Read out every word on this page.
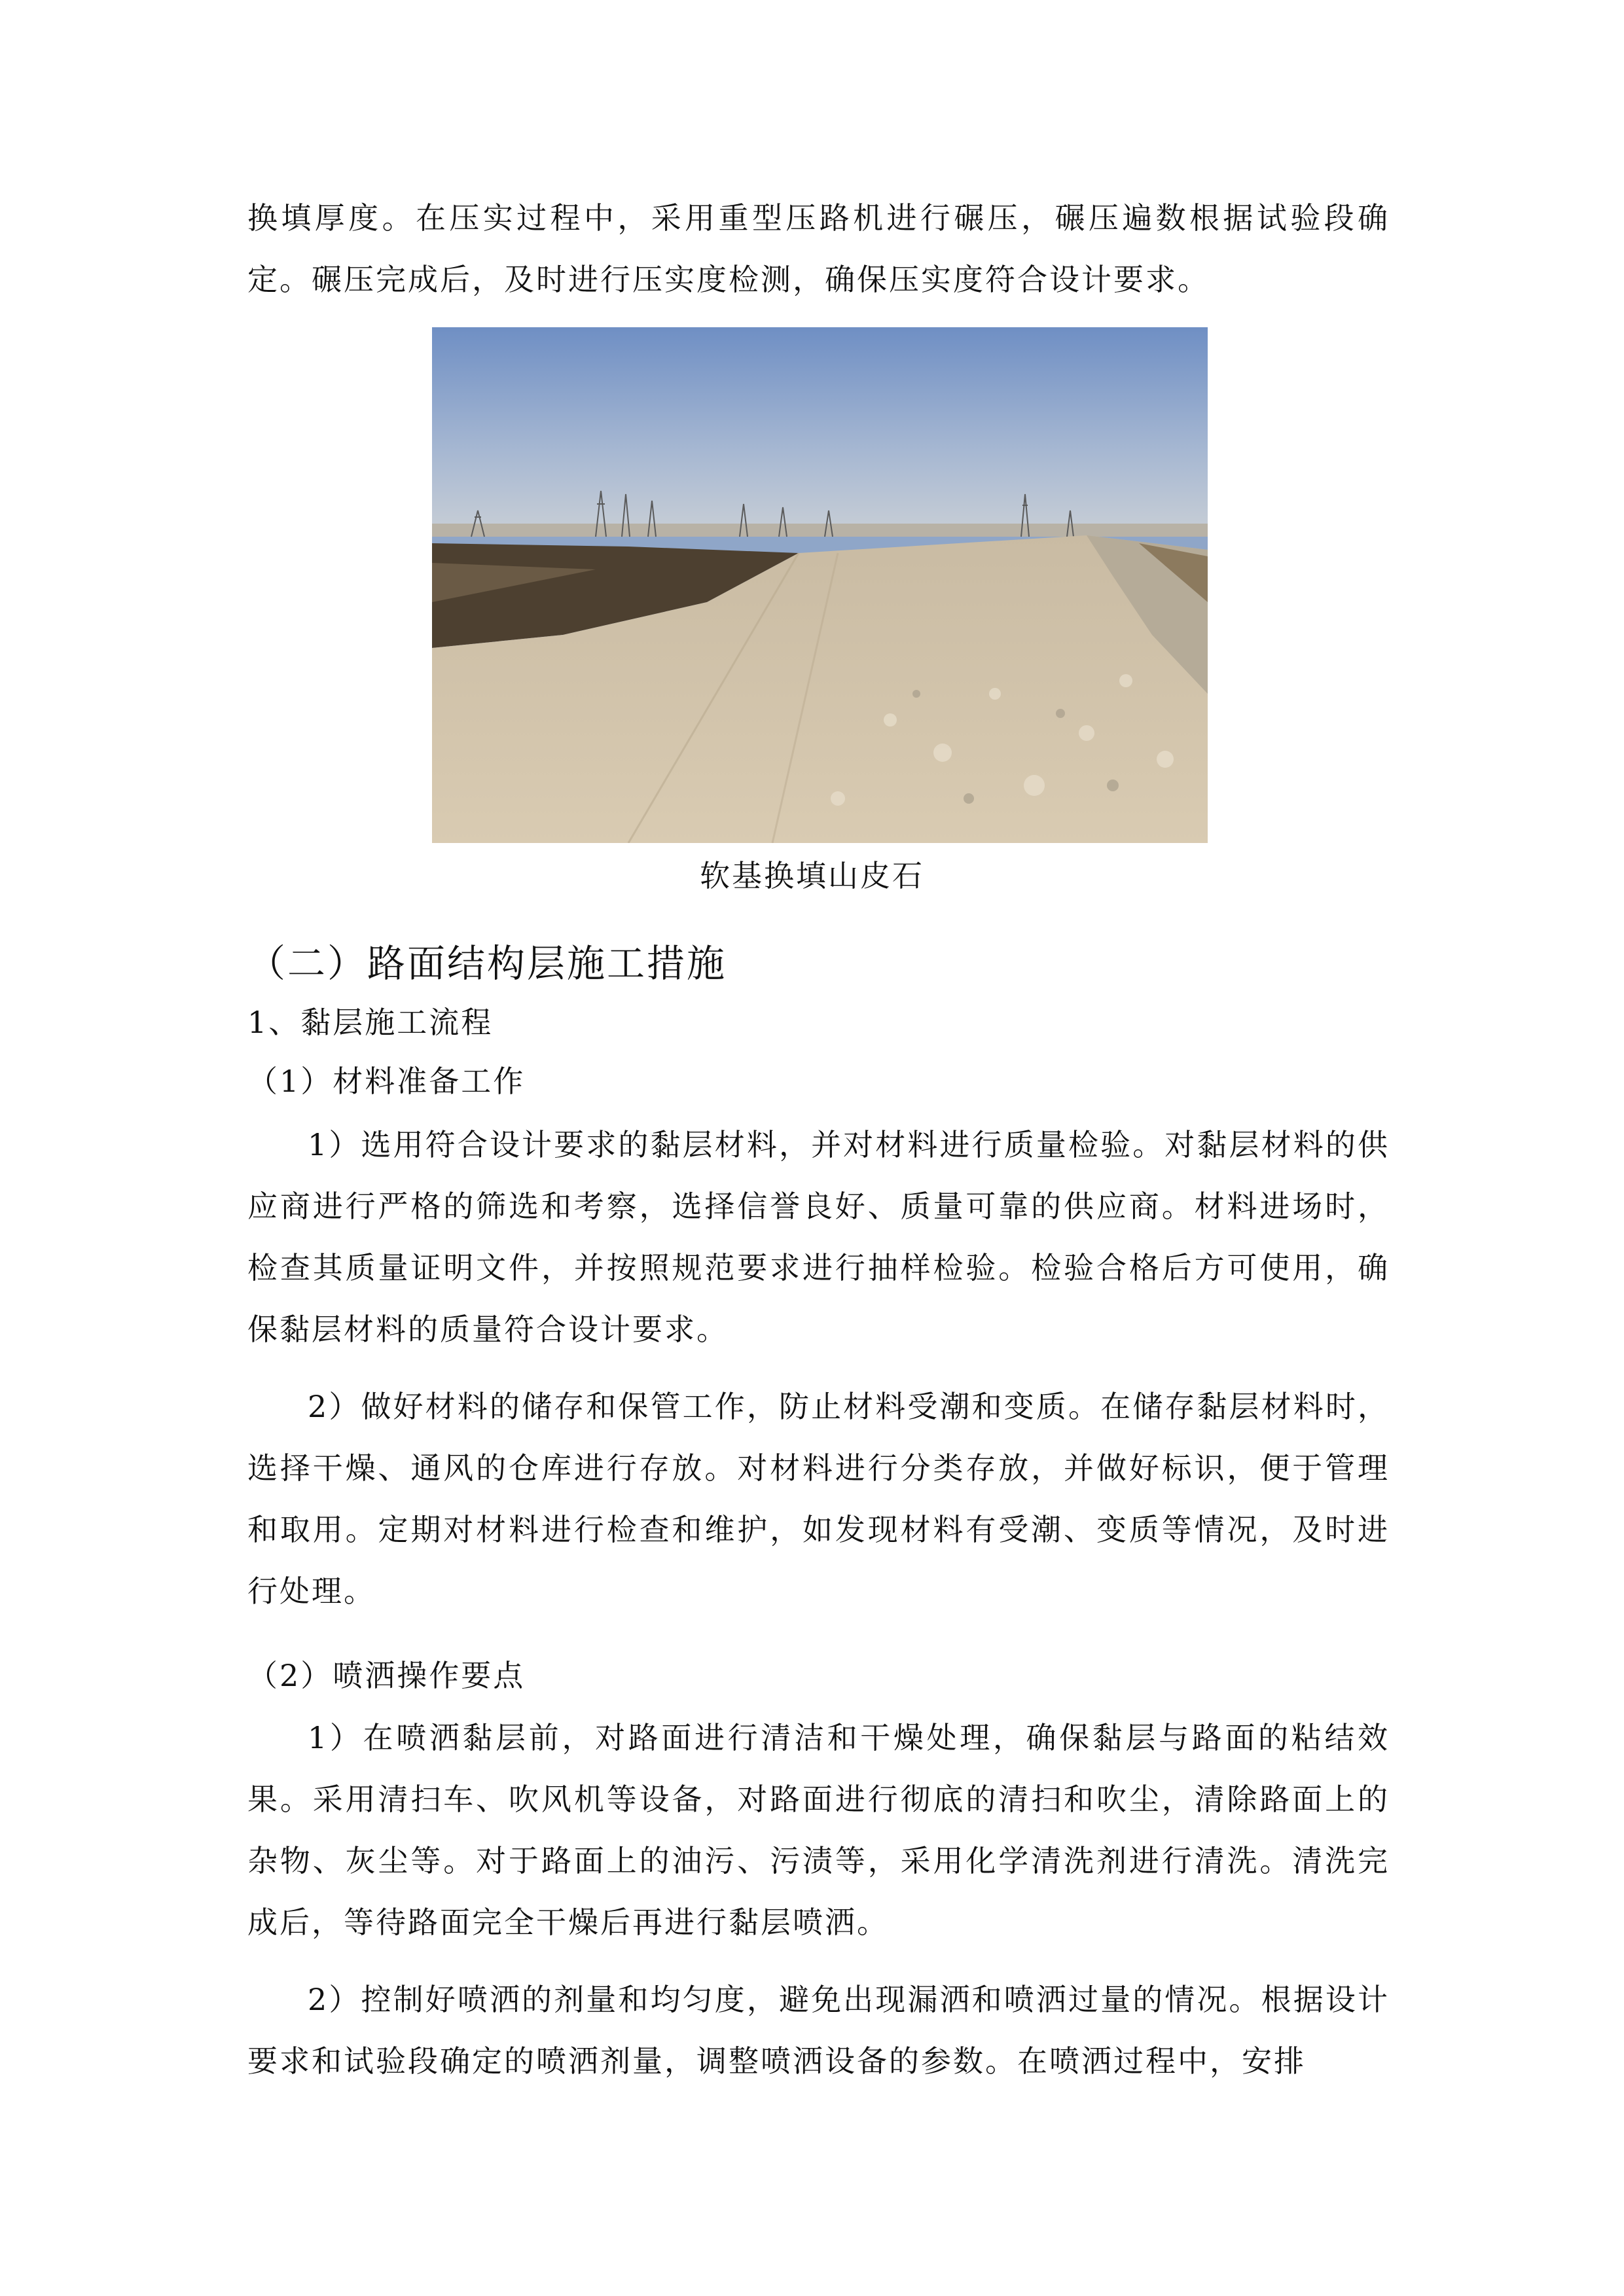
换填厚度。在压实过程中，采用重型压路机进行碾压，碾压遍数根据试验段确定。碾压完成后，及时进行压实度检测，确保压实度符合设计要求。

软基换填山皮石

（二）路面结构层施工措施

1、黏层施工流程

（1）材料准备工作

1）选用符合设计要求的黏层材料，并对材料进行质量检验。对黏层材料的供应商进行严格的筛选和考察，选择信誉良好、质量可靠的供应商。材料进场时，检查其质量证明文件，并按照规范要求进行抽样检验。检验合格后方可使用，确保黏层材料的质量符合设计要求。

2）做好材料的储存和保管工作，防止材料受潮和变质。在储存黏层材料时，选择干燥、通风的仓库进行存放。对材料进行分类存放，并做好标识，便于管理和取用。定期对材料进行检查和维护，如发现材料有受潮、变质等情况，及时进行处理。

（2）喷洒操作要点

1）在喷洒黏层前，对路面进行清洁和干燥处理，确保黏层与路面的粘结效果。采用清扫车、吹风机等设备，对路面进行彻底的清扫和吹尘，清除路面上的杂物、灰尘等。对于路面上的油污、污渍等，采用化学清洗剂进行清洗。清洗完成后，等待路面完全干燥后再进行黏层喷洒。

2）控制好喷洒的剂量和均匀度，避免出现漏洒和喷洒过量的情况。根据设计要求和试验段确定的喷洒剂量，调整喷洒设备的参数。在喷洒过程中，安排
